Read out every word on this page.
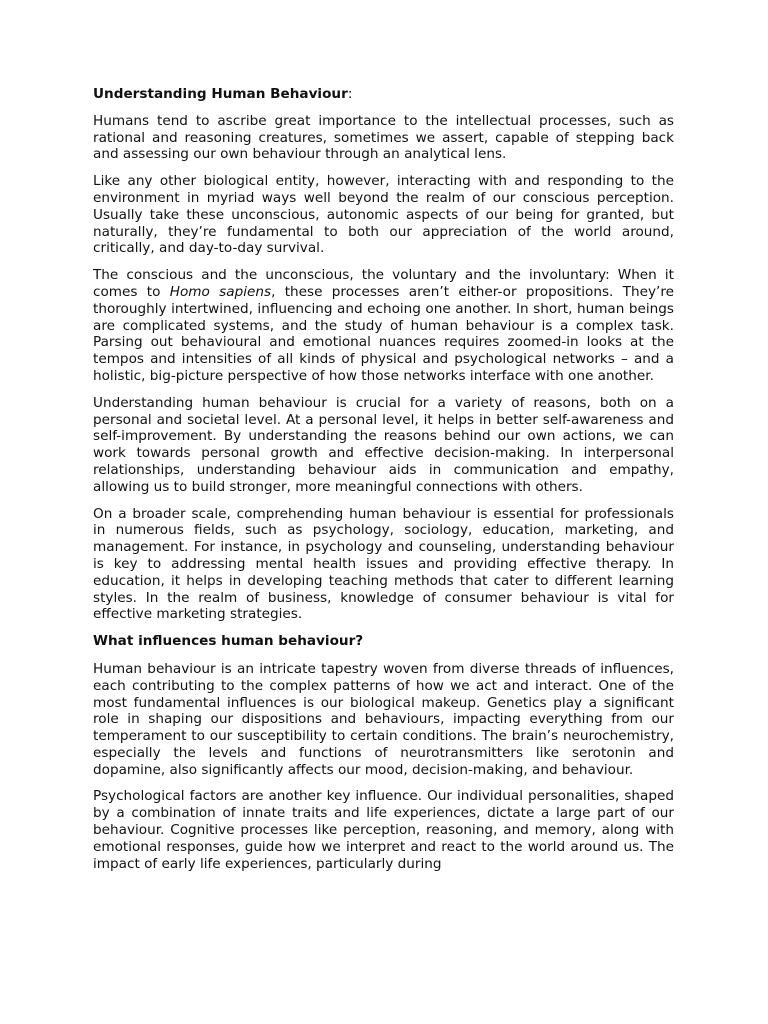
Understanding Human Behaviour:

Humans tend to ascribe great importance to the intellectual processes, such as rational and reasoning creatures, sometimes we assert, capable of stepping back and assessing our own behaviour through an analytical lens.

Like any other biological entity, however, interacting with and responding to the environment in myriad ways well beyond the realm of our conscious perception. Usually take these unconscious, autonomic aspects of our being for granted, but naturally, they’re fundamental to both our appreciation of the world around, critically, and day-to-day survival.

The conscious and the unconscious, the voluntary and the involuntary: When it comes to Homo sapiens, these processes aren’t either-or propositions. They’re thoroughly intertwined, influencing and echoing one another. In short, human beings are complicated systems, and the study of human behaviour is a complex task. Parsing out behavioural and emotional nuances requires zoomed-in looks at the tempos and intensities of all kinds of physical and psychological networks – and a holistic, big-picture perspective of how those networks interface with one another.

Understanding human behaviour is crucial for a variety of reasons, both on a personal and societal level. At a personal level, it helps in better self-awareness and self-improvement. By understanding the reasons behind our own actions, we can work towards personal growth and effective decision-making. In interpersonal relationships, understanding behaviour aids in communication and empathy, allowing us to build stronger, more meaningful connections with others.

On a broader scale, comprehending human behaviour is essential for professionals in numerous fields, such as psychology, sociology, education, marketing, and management. For instance, in psychology and counseling, understanding behaviour is key to addressing mental health issues and providing effective therapy. In education, it helps in developing teaching methods that cater to different learning styles. In the realm of business, knowledge of consumer behaviour is vital for effective marketing strategies.

What influences human behaviour?

Human behaviour is an intricate tapestry woven from diverse threads of influences, each contributing to the complex patterns of how we act and interact. One of the most fundamental influences is our biological makeup. Genetics play a significant role in shaping our dispositions and behaviours, impacting everything from our temperament to our susceptibility to certain conditions. The brain’s neurochemistry, especially the levels and functions of neurotransmitters like serotonin and dopamine, also significantly affects our mood, decision-making, and behaviour.

Psychological factors are another key influence. Our individual personalities, shaped by a combination of innate traits and life experiences, dictate a large part of our behaviour. Cognitive processes like perception, reasoning, and memory, along with emotional responses, guide how we interpret and react to the world around us. The impact of early life experiences, particularly during
